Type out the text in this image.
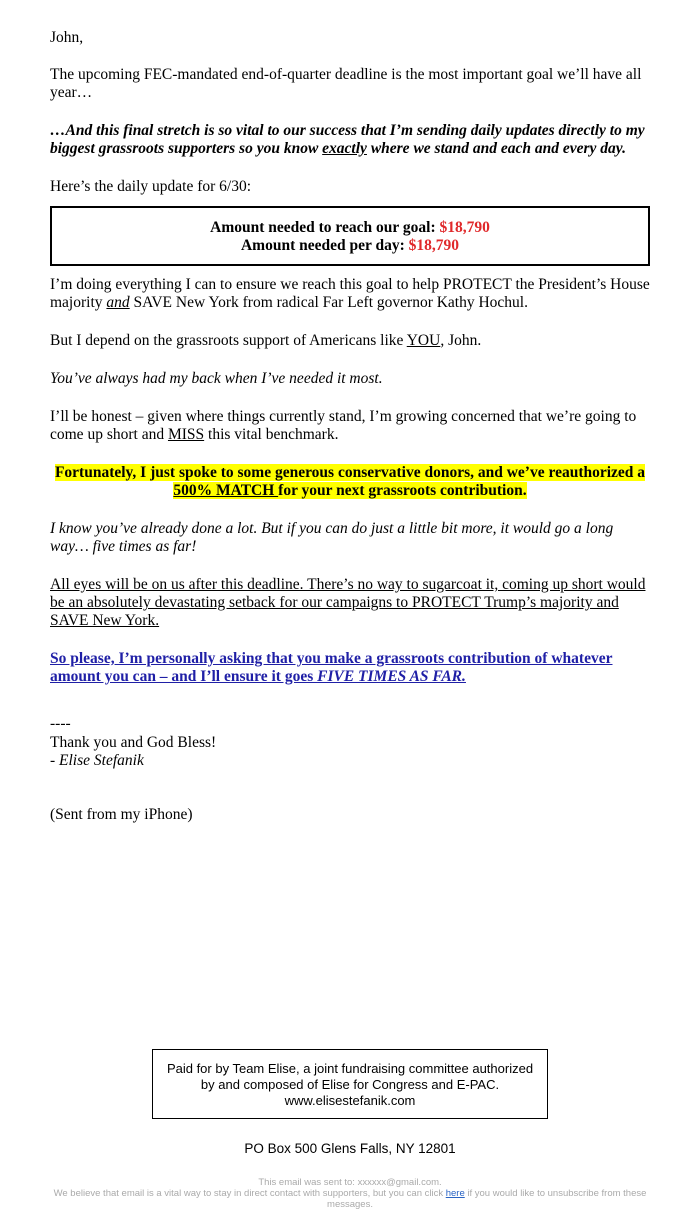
John,

The upcoming FEC-mandated end-of-quarter deadline is the most important goal we’ll have all year…

…And this final stretch is so vital to our success that I’m sending daily updates directly to my biggest grassroots supporters so you know exactly where we stand and each and every day.

Here’s the daily update for 6/30:

Amount needed to reach our goal: $18,790
Amount needed per day: $18,790

I’m doing everything I can to ensure we reach this goal to help PROTECT the President’s House majority and SAVE New York from radical Far Left governor Kathy Hochul.

But I depend on the grassroots support of Americans like YOU, John.

You’ve always had my back when I’ve needed it most.

I’ll be honest – given where things currently stand, I’m growing concerned that we’re going to come up short and MISS this vital benchmark.

Fortunately, I just spoke to some generous conservative donors, and we’ve reauthorized a 500% MATCH for your next grassroots contribution.

I know you’ve already done a lot. But if you can do just a little bit more, it would go a long way… five times as far!

All eyes will be on us after this deadline. There’s no way to sugarcoat it, coming up short would be an absolutely devastating setback for our campaigns to PROTECT Trump’s majority and SAVE New York.

So please, I’m personally asking that you make a grassroots contribution of whatever amount you can – and I’ll ensure it goes FIVE TIMES AS FAR.

----

Thank you and God Bless!

- Elise Stefanik

(Sent from my iPhone)

Paid for by Team Elise, a joint fundraising committee authorized by and composed of Elise for Congress and E-PAC. www.elisestefanik.com
PO Box 500 Glens Falls, NY 12801
This email was sent to: xxxxxx@gmail.com.
We believe that email is a vital way to stay in direct contact with supporters, but you can click here if you would like to unsubscribe from these messages.
